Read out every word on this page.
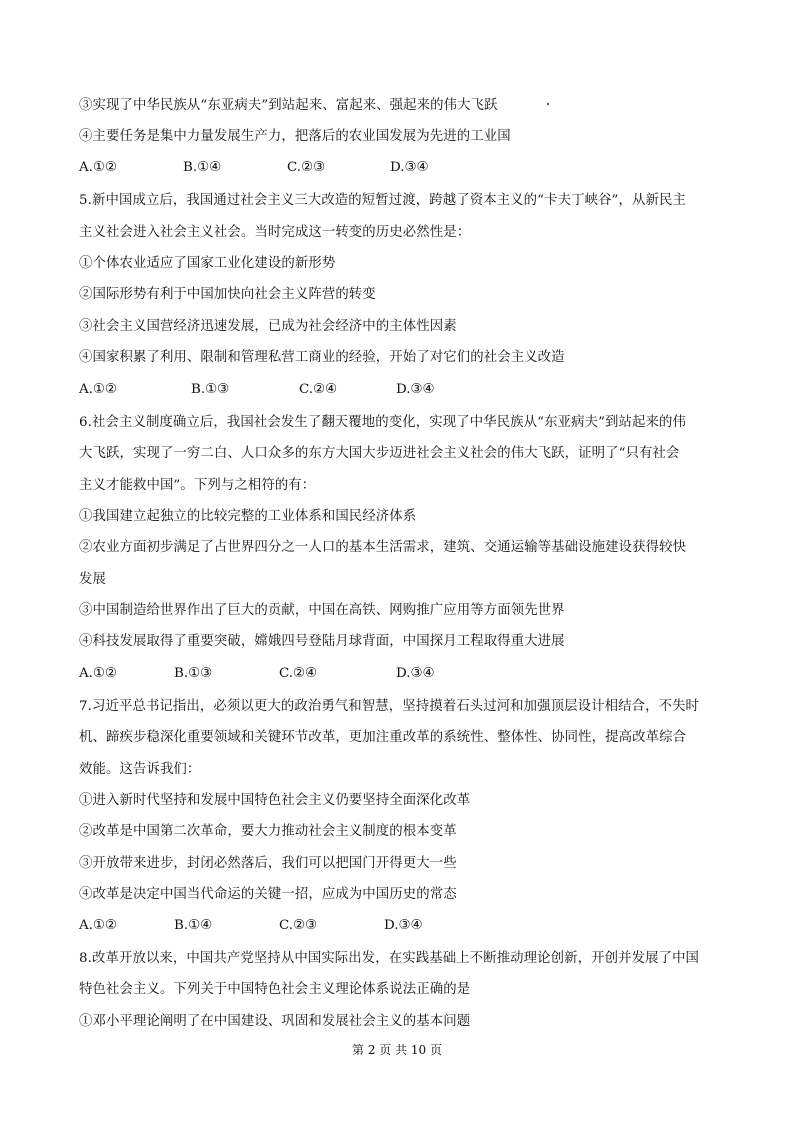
③实现了中华民族从“东亚病夫”到站起来、富起来、强起来的伟大飞跃
④主要任务是集中力量发展生产力，把落后的农业国发展为先进的工业国
A.①②	B.①④	C.②③	D.③④
5.新中国成立后，我国通过社会主义三大改造的短暂过渡，跨越了资本主义的“卡夫丁峡谷”，从新民主
主义社会进入社会主义社会。当时完成这一转变的历史必然性是：
①个体农业适应了国家工业化建设的新形势
②国际形势有利于中国加快向社会主义阵营的转变
③社会主义国营经济迅速发展，已成为社会经济中的主体性因素
④国家积累了利用、限制和管理私营工商业的经验，开始了对它们的社会主义改造
A.①②	B.①③	C.②④	D.③④
6.社会主义制度确立后，我国社会发生了翻天覆地的变化，实现了中华民族从“东亚病夫”到站起来的伟
大飞跃，实现了一穷二白、人口众多的东方大国大步迈进社会主义社会的伟大飞跃，证明了“只有社会
主义才能救中国”。下列与之相符的有：
①我国建立起独立的比较完整的工业体系和国民经济体系
②农业方面初步满足了占世界四分之一人口的基本生活需求，建筑、交通运输等基础设施建设获得较快
发展
③中国制造给世界作出了巨大的贡献，中国在高铁、网购推广应用等方面领先世界
④科技发展取得了重要突破，嫦娥四号登陆月球背面，中国探月工程取得重大进展
A.①②	B.①③	C.②④	D.③④
7.习近平总书记指出，必须以更大的政治勇气和智慧，坚持摸着石头过河和加强顶层设计相结合，不失时
机、蹄疾步稳深化重要领域和关键环节改革，更加注重改革的系统性、整体性、协同性，提高改革综合
效能。这告诉我们：
①进入新时代坚持和发展中国特色社会主义仍要坚持全面深化改革
②改革是中国第二次革命，要大力推动社会主义制度的根本变革
③开放带来进步，封闭必然落后，我们可以把国门开得更大一些
④改革是决定中国当代命运的关键一招，应成为中国历史的常态
A.①②	B.①④	C.②③	D.③④
8.改革开放以来，中国共产党坚持从中国实际出发，在实践基础上不断推动理论创新，开创并发展了中国
特色社会主义。下列关于中国特色社会主义理论体系说法正确的是
①邓小平理论阐明了在中国建设、巩固和发展社会主义的基本问题
第 2 页 共 10 页
